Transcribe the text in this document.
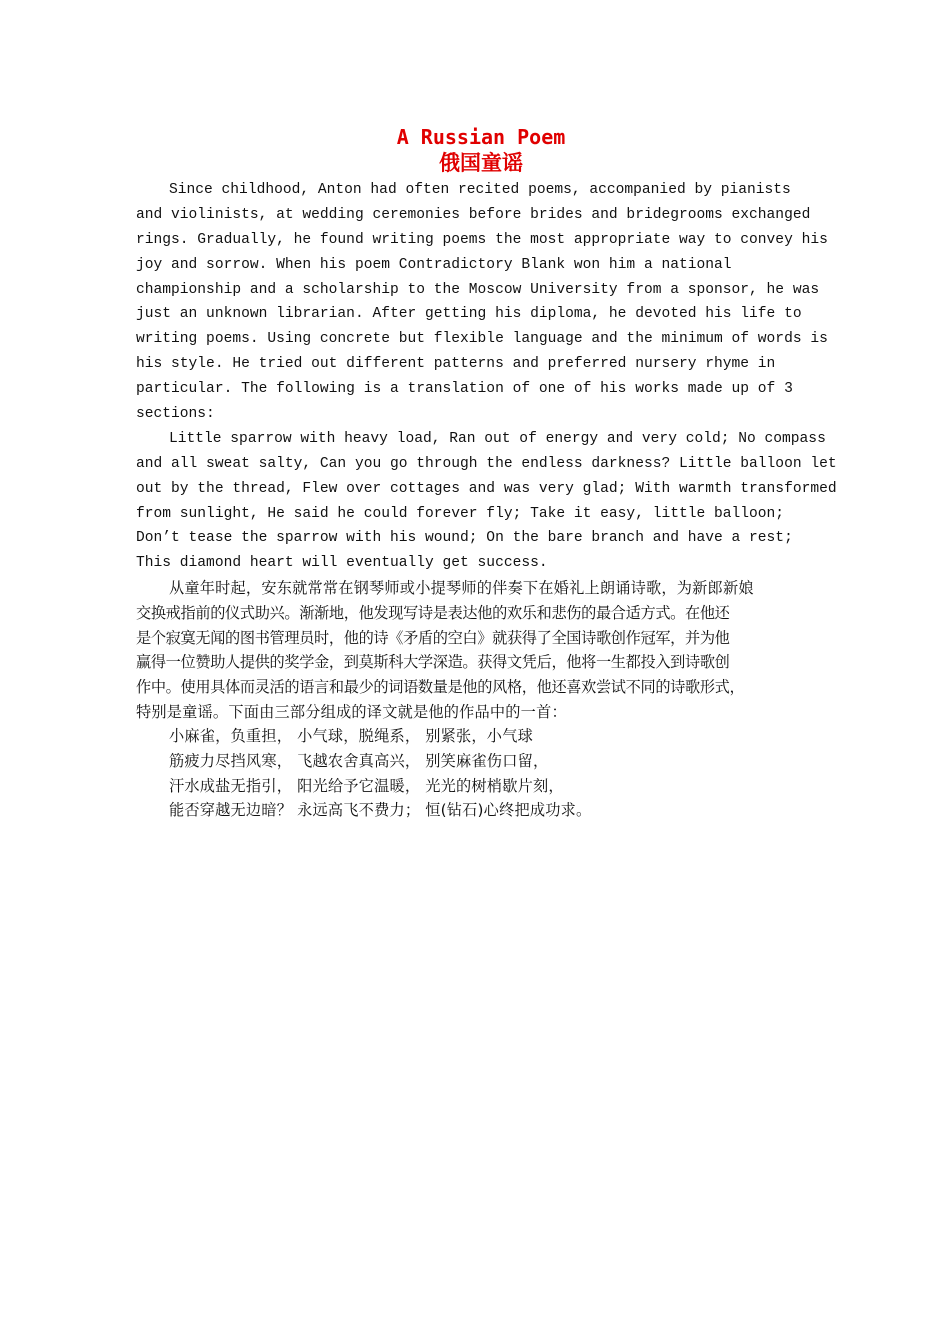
A Russian Poem
俄国童谣

Since childhood, Anton had often recited poems, accompanied by pianists

and violinists, at wedding ceremonies before brides and bridegrooms exchanged

rings. Gradually, he found writing poems the most appropriate way to convey his

joy and sorrow. When his poem Contradictory Blank won him a national

championship and a scholarship to the Moscow University from a sponsor, he was

just an unknown librarian. After getting his diploma, he devoted his life to

writing poems. Using concrete but flexible language and the minimum of words is

his style. He tried out different patterns and preferred nursery rhyme in

particular. The following is a translation of one of his works made up of 3

sections:

Little sparrow with heavy load, Ran out of energy and very cold; No compass

and all sweat salty, Can you go through the endless darkness? Little balloon let

out by the thread, Flew over cottages and was very glad; With warmth transformed

from sunlight, He said he could forever fly; Take it easy, little balloon;

Don’t tease the sparrow with his wound; On the bare branch and have a rest;

This diamond heart will eventually get success.

从童年时起，安东就常常在钢琴师或小提琴师的伴奏下在婚礼上朗诵诗歌，为新郎新娘

交换戒指前的仪式助兴。渐渐地，他发现写诗是表达他的欢乐和悲伤的最合适方式。在他还

是个寂寞无闻的图书管理员时，他的诗《矛盾的空白》就获得了全国诗歌创作冠军，并为他

赢得一位赞助人提供的奖学金，到莫斯科大学深造。获得文凭后，他将一生都投入到诗歌创

作中。使用具体而灵活的语言和最少的词语数量是他的风格，他还喜欢尝试不同的诗歌形式，

特别是童谣。下面由三部分组成的译文就是他的作品中的一首：

小麻雀，负重担， 小气球，脱绳系， 别紧张，小气球

筋疲力尽挡风寒， 飞越农舍真高兴， 别笑麻雀伤口留，

汗水成盐无指引， 阳光给予它温暖， 光光的树梢歇片刻，

能否穿越无边暗？ 永远高飞不费力； 恒(钻石)心终把成功求。
